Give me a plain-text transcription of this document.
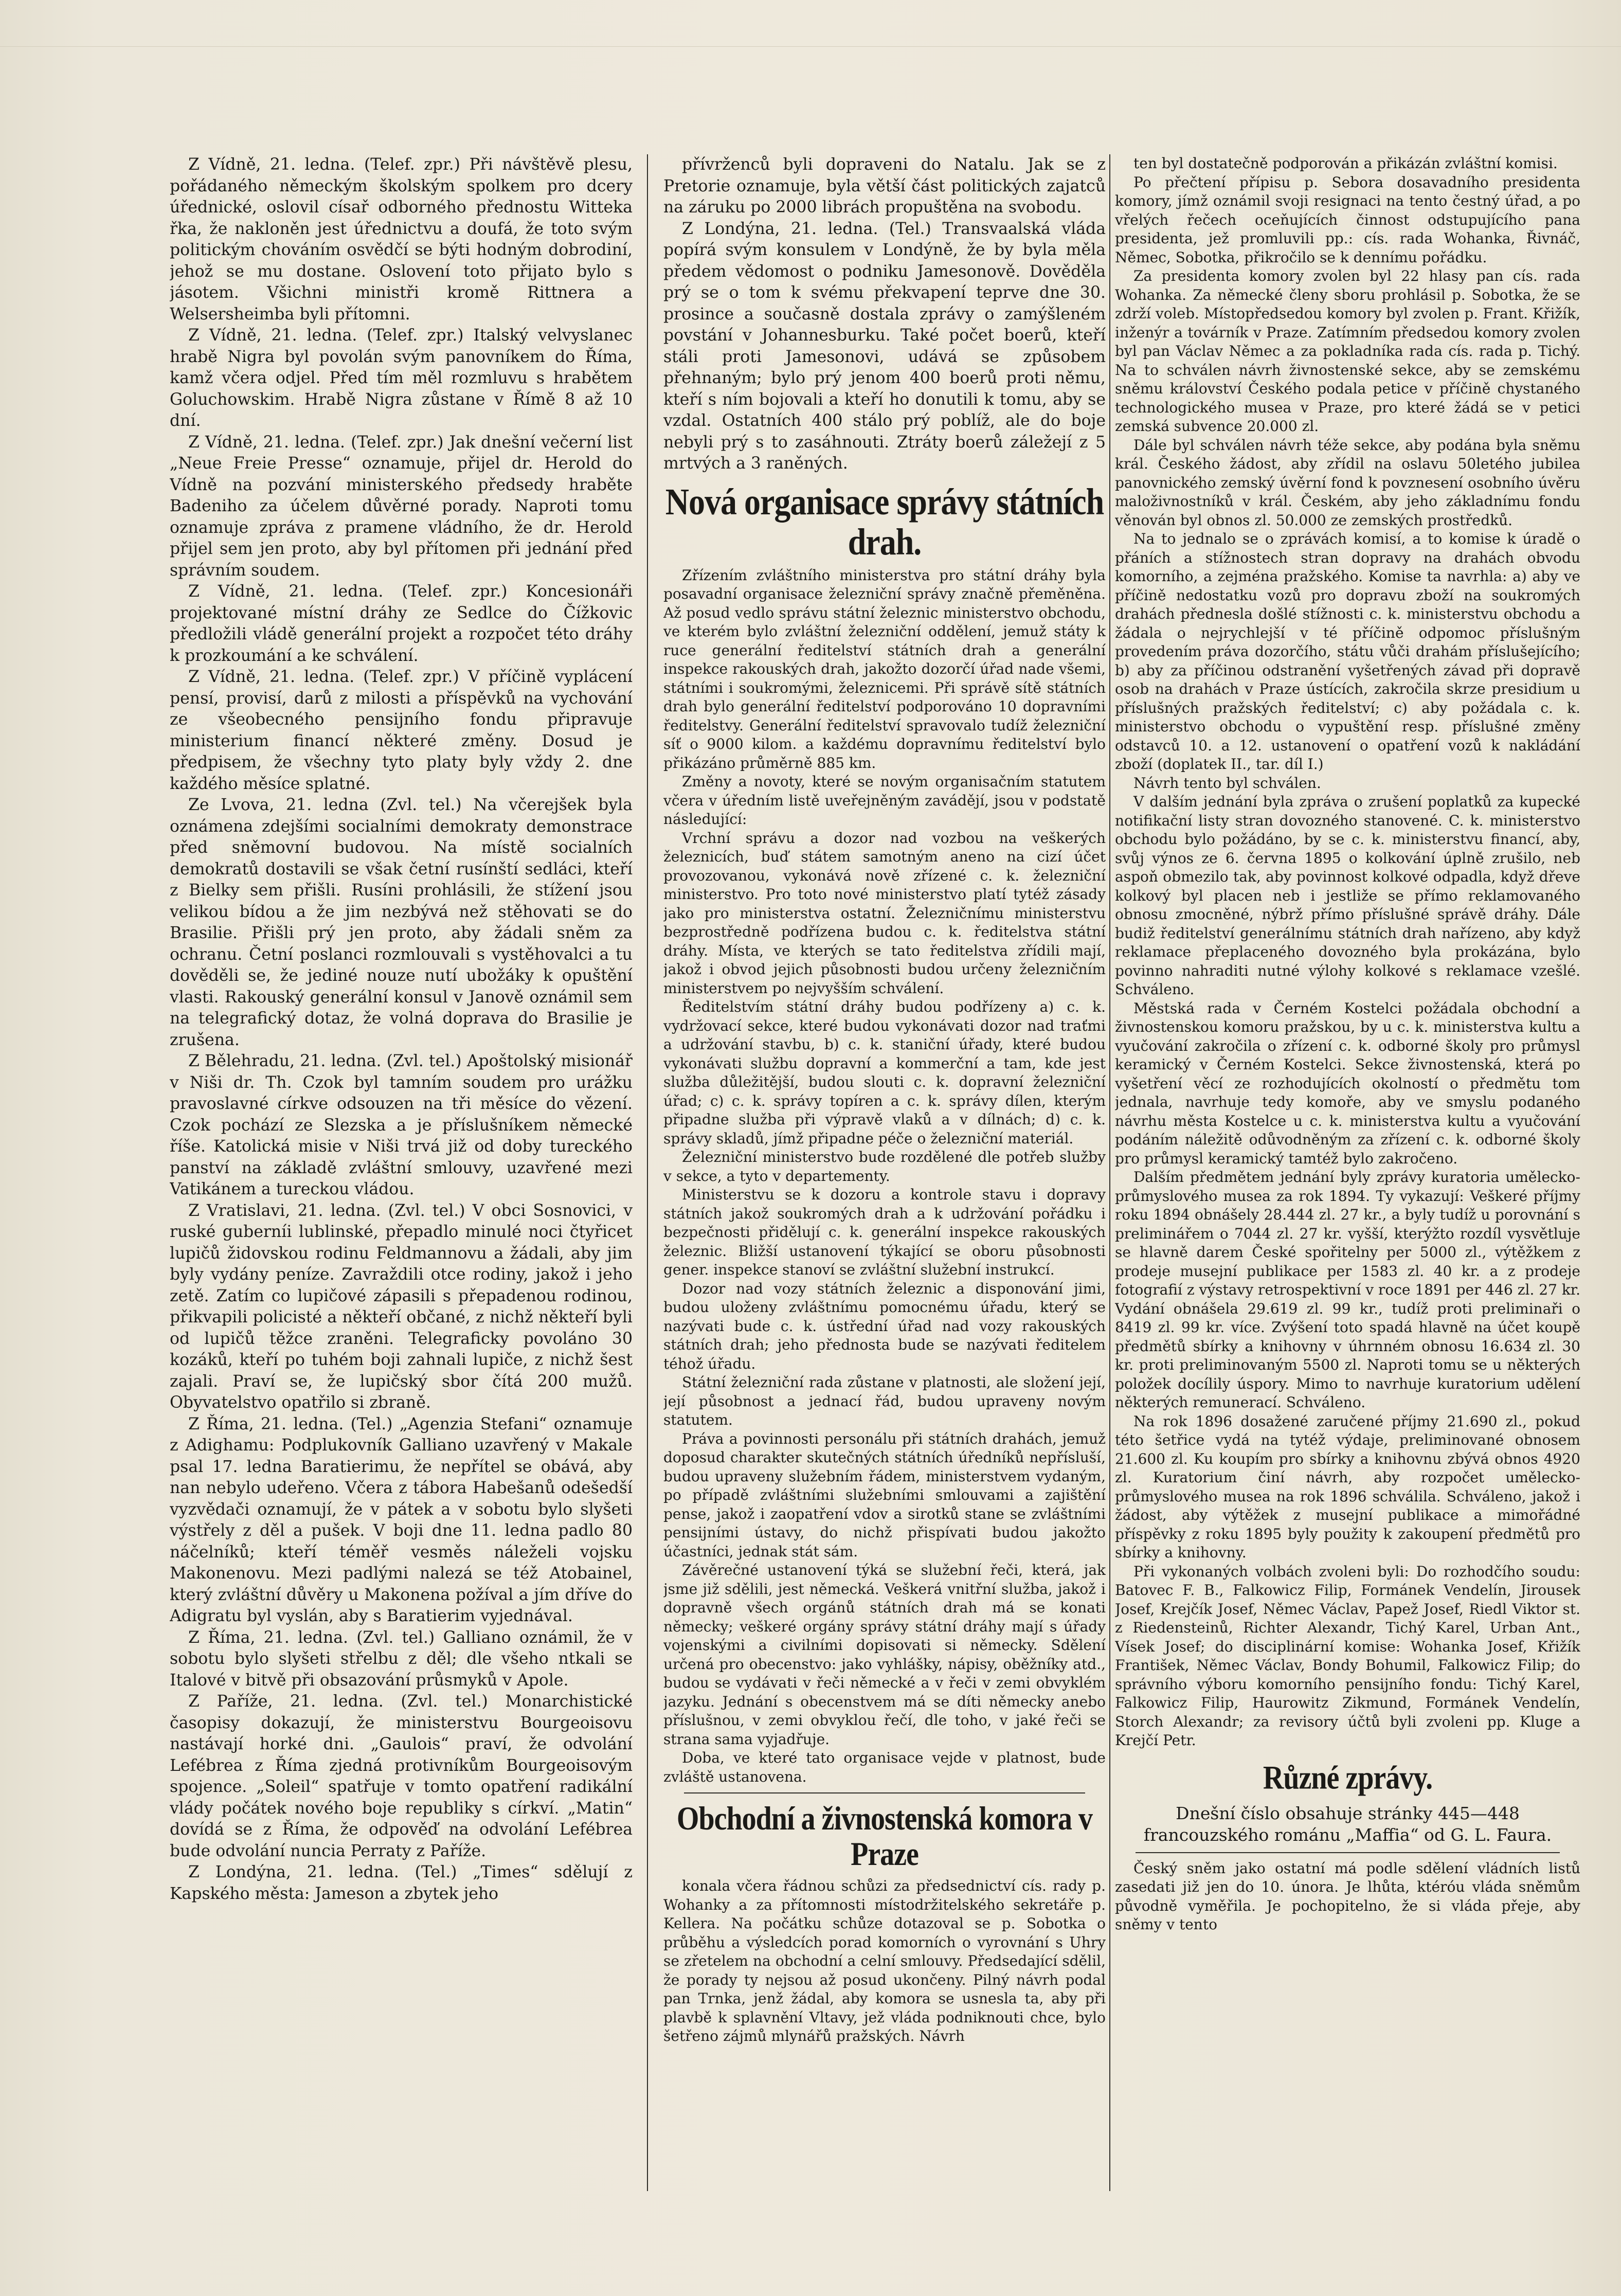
Z Vídně, 21. ledna. (Telef. zpr.) Při návštěvě plesu, pořádaného německým školským spolkem pro dcery úřednické, oslovil císař odborného přednostu Witteka řka, že nakloněn jest úřednictvu a doufá, že toto svým politickým chováním osvědčí se býti hodným dobrodiní, jehož se mu dostane. Oslovení toto přijato bylo s jásotem. Všichni ministři kromě Rittnera a Welsersheimba byli přítomni.

Z Vídně, 21. ledna. (Telef. zpr.) Italský velvyslanec hrabě Nigra byl povolán svým panovníkem do Říma, kamž včera odjel. Před tím měl rozmluvu s hrabětem Goluchowskim. Hrabě Nigra zůstane v Římě 8 až 10 dní.

Z Vídně, 21. ledna. (Telef. zpr.) Jak dnešní večerní list „Neue Freie Presse“ oznamuje, přijel dr. Herold do Vídně na pozvání ministerského předsedy hraběte Badeniho za účelem důvěrné porady. Naproti tomu oznamuje zpráva z pramene vládního, že dr. Herold přijel sem jen proto, aby byl přítomen při jednání před správním soudem.

Z Vídně, 21. ledna. (Telef. zpr.) Koncesionáři projektované místní dráhy ze Sedlce do Čížkovic předložili vládě generální projekt a rozpočet této dráhy k prozkoumání a ke schválení.

Z Vídně, 21. ledna. (Telef. zpr.) V příčině vyplácení pensí, provisí, darů z milosti a příspěvků na vychování ze všeobecného pensijního fondu připravuje ministerium financí některé změny. Dosud je předpisem, že všechny tyto platy byly vždy 2. dne každého měsíce splatné.

Ze Lvova, 21. ledna (Zvl. tel.) Na včerejšek byla oznámena zdejšími socialními demokraty demonstrace před sněmovní budovou. Na místě socialních demokratů dostavili se však četní rusínští sedláci, kteří z Bielky sem přišli. Rusíni prohlásili, že stížení jsou velikou bídou a že jim nezbývá než stěhovati se do Brasilie. Přišli prý jen proto, aby žádali sněm za ochranu. Četní poslanci rozmlouvali s vystěhovalci a tu dověděli se, že jediné nouze nutí ubožáky k opuštění vlasti. Rakouský generální konsul v Janově oznámil sem na telegrafický dotaz, že volná doprava do Brasilie je zrušena.

Z Bělehradu, 21. ledna. (Zvl. tel.) Apoštolský misionář v Niši dr. Th. Czok byl tamním soudem pro urážku pravoslavné církve odsouzen na tři měsíce do vězení. Czok pochází ze Slezska a je příslušníkem německé říše. Katolická misie v Niši trvá již od doby tureckého panství na základě zvláštní smlouvy, uzavřené mezi Vatikánem a tureckou vládou.

Z Vratislavi, 21. ledna. (Zvl. tel.) V obci Sosnovici, v ruské guberníi lublinské, přepadlo minulé noci čtyřicet lupičů židovskou rodinu Feldmannovu a žádali, aby jim byly vydány peníze. Zavraždili otce rodiny, jakož i jeho zetě. Zatím co lupičové zápasili s přepadenou rodinou, přikvapili policisté a někteří občané, z nichž někteří byli od lupičů těžce zraněni. Telegraficky povoláno 30 kozáků, kteří po tuhém boji zahnali lupiče, z nichž šest zajali. Praví se, že lupičský sbor čítá 200 mužů. Obyvatelstvo opatřilo si zbraně.

Z Říma, 21. ledna. (Tel.) „Agenzia Stefani“ oznamuje z Adighamu: Podplukovník Galliano uzavřený v Makale psal 17. ledna Baratierimu, že nepřítel se obává, aby nan nebylo udeřeno. Včera z tábora Habešanů odešedší vyzvědači oznamují, že v pátek a v sobotu bylo slyšeti výstřely z děl a pušek. V boji dne 11. ledna padlo 80 náčelníků; kteří téměř vesměs náleželi vojsku Makonenovu. Mezi padlými nalezá se též Atobainel, který zvláštní důvěry u Makonena požíval a jím dříve do Adigratu byl vyslán, aby s Baratierim vyjednával.

Z Říma, 21. ledna. (Zvl. tel.) Galliano oznámil, že v sobotu bylo slyšeti střelbu z děl; dle všeho ntkali se Italové v bitvě při obsazování průsmyků v Apole.

Z Paříže, 21. ledna. (Zvl. tel.) Monarchistické časopisy dokazují, že ministerstvu Bourgeoisovu nastávají horké dni. „Gaulois“ praví, že odvolání Lefébrea z Říma zjedná protivníkům Bourgeoisovým spojence. „Soleil“ spatřuje v tomto opatření radikální vlády počátek nového boje republiky s církví. „Matin“ dovídá se z Říma, že odpověď na odvolání Lefébrea bude odvolání nuncia Perraty z Paříže.

Z Londýna, 21. ledna. (Tel.) „Times“ sdělují z Kapského města: Jameson a zbytek jeho

přívrženců byli dopraveni do Natalu. Jak se z Pretorie oznamuje, byla větší část politických zajatců na záruku po 2000 librách propuštěna na svobodu.

Z Londýna, 21. ledna. (Tel.) Transvaalská vláda popírá svým konsulem v Londýně, že by byla měla předem vědomost o podniku Jamesonově. Dověděla prý se o tom k svému překvapení teprve dne 30. prosince a současně dostala zprávy o zamýšleném povstání v Johannesburku. Také počet boerů, kteří stáli proti Jamesonovi, udává se způsobem přehnaným; bylo prý jenom 400 boerů proti němu, kteří s ním bojovali a kteří ho donutili k tomu, aby se vzdal. Ostatních 400 stálo prý poblíž, ale do boje nebyli prý s to zasáhnouti. Ztráty boerů záležejí z 5 mrtvých a 3 raněných.

Nová organisace správy státních drah.

Zřízením zvláštního ministerstva pro státní dráhy byla posavadní organisace železniční správy značně přeměněna. Až posud vedlo správu státní železnic ministerstvo obchodu, ve kterém bylo zvláštní železniční oddělení, jemuž státy k ruce generální ředitelství státních drah a generální inspekce rakouských drah, jakožto dozorčí úřad nade všemi, státními i soukromými, železnicemi. Při správě sítě státních drah bylo generální ředitelství podporováno 10 dopravními ředitelstvy. Generální ředitelství spravovalo tudíž železniční síť o 9000 kilom. a každému dopravnímu ředitelství bylo přikázáno průměrně 885 km.

Změny a novoty, které se novým organisačním statutem včera v úředním listě uveřejněným zavádějí, jsou v podstatě následující:

Vrchní správu a dozor nad vozbou na veškerých železnicích, buď státem samotným aneno na cizí účet provozovanou, vykonává nově zřízené c. k. železniční ministerstvo. Pro toto nové ministerstvo platí tytéž zásady jako pro ministerstva ostatní. Železničnímu ministerstvu bezprostředně podřízena budou c. k. ředitelstva státní dráhy. Místa, ve kterých se tato ředitelstva zřídili mají, jakož i obvod jejich působnosti budou určeny železničním ministerstvem po nejvyšším schválení.

Ředitelstvím státní dráhy budou podřízeny a) c. k. vydržovací sekce, které budou vykonávati dozor nad traťmi a udržování stavbu, b) c. k. staniční úřady, které budou vykonávati službu dopravní a kommerční a tam, kde jest služba důležitější, budou slouti c. k. dopravní železniční úřad; c) c. k. správy topíren a c. k. správy dílen, kterým připadne služba při výpravě vlaků a v dílnách; d) c. k. správy skladů, jímž připadne péče o železniční materiál.

Železniční ministerstvo bude rozdělené dle potřeb služby v sekce, a tyto v departementy.

Ministerstvu se k dozoru a kontrole stavu i dopravy státních jakož soukromých drah a k udržování pořádku i bezpečnosti přidělují c. k. generální inspekce rakouských železnic. Bližší ustanovení týkající se oboru působnosti gener. inspekce stanoví se zvláštní služební instrukcí.

Dozor nad vozy státních železnic a disponování jimi, budou uloženy zvláštnímu pomocnému úřadu, který se nazývati bude c. k. ústřední úřad nad vozy rakouských státních drah; jeho přednosta bude se nazývati ředitelem téhož úřadu.

Státní železniční rada zůstane v platnosti, ale složení její, její působnost a jednací řád, budou upraveny novým statutem.

Práva a povinnosti personálu při státních drahách, jemuž doposud charakter skutečných státních úředníků nepřísluší, budou upraveny služebním řádem, ministerstvem vydaným, po případě zvláštními služebními smlouvami a zajištění pense, jakož i zaopatření vdov a sirotků stane se zvláštními pensijními ústavy, do nichž přispívati budou jakožto účastníci, jednak stát sám.

Závěrečné ustanovení týká se služební řeči, která, jak jsme již sdělili, jest německá. Veškerá vnitřní služba, jakož i dopravně všech orgánů státních drah má se konati německy; veškeré orgány správy státní dráhy mají s úřady vojenskými a civilními dopisovati si německy. Sdělení určená pro obecenstvo: jako vyhlášky, nápisy, oběžníky atd., budou se vydávati v řeči německé a v řeči v zemi obvyklém jazyku. Jednání s obecenstvem má se díti německy anebo příslušnou, v zemi obvyklou řečí, dle toho, v jaké řeči se strana sama vyjadřuje.

Doba, ve které tato organisace vejde v platnost, bude zvláště ustanovena.

Obchodní a živnostenská komora v Praze

konala včera řádnou schůzi za předsednictví cís. rady p. Wohanky a za přítomnosti místodržitelského sekretáře p. Kellera. Na počátku schůze dotazoval se p. Sobotka o průběhu a výsledcích porad komorních o vyrovnání s Uhry se zřetelem na obchodní a celní smlouvy. Předsedající sdělil, že porady ty nejsou až posud ukončeny. Pilný návrh podal pan Trnka, jenž žádal, aby komora se usnesla ta, aby při plavbě k splavnění Vltavy, jež vláda podniknouti chce, bylo šetřeno zájmů mlynářů pražských. Návrh

ten byl dostatečně podporován a přikázán zvláštní komisi.

Po přečtení přípisu p. Sebora dosavadního presidenta komory, jímž oznámil svoji resignaci na tento čestný úřad, a po vřelých řečech oceňujících činnost odstupujícího pana presidenta, jež promluvili pp.: cís. rada Wohanka, Řivnáč, Němec, Sobotka, přikročilo se k dennímu pořádku.

Za presidenta komory zvolen byl 22 hlasy pan cís. rada Wohanka. Za německé členy sboru prohlásil p. Sobotka, že se zdrží voleb. Místopředsedou komory byl zvolen p. Frant. Křižík, inženýr a továrník v Praze. Zatímním předsedou komory zvolen byl pan Václav Němec a za pokladníka rada cís. rada p. Tichý. Na to schválen návrh živnostenské sekce, aby se zemskému sněmu království Českého podala petice v příčině chystaného technologického musea v Praze, pro které žádá se v petici zemská subvence 20.000 zl.

Dále byl schválen návrh téže sekce, aby podána byla sněmu král. Českého žádost, aby zřídil na oslavu 50letého jubilea panovnického zemský úvěrní fond k povznesení osobního úvěru maloživnostníků v král. Českém, aby jeho základnímu fondu věnován byl obnos zl. 50.000 ze zemských prostředků.

Na to jednalo se o zprávách komisí, a to komise k úradě o přáních a stížnostech stran dopravy na drahách obvodu komorního, a zejména pražského. Komise ta navrhla: a) aby ve příčině nedostatku vozů pro dopravu zboží na soukromých drahách přednesla došlé stížnosti c. k. ministerstvu obchodu a žádala o nejrychlejší v té příčině odpomoc příslušným provedením práva dozorčího, státu vůči drahám příslušejícího; b) aby za příčinou odstranění vyšetřených závad při dopravě osob na drahách v Praze ústících, zakročila skrze presidium u příslušných pražských ředitelství; c) aby požádala c. k. ministerstvo obchodu o vypuštění resp. příslušné změny odstavců 10. a 12. ustanovení o opatření vozů k nakládání zboží (doplatek II., tar. díl I.)

Návrh tento byl schválen.

V dalším jednání byla zpráva o zrušení poplatků za kupecké notifikační listy stran dovozného stanovené. C. k. ministerstvo obchodu bylo požádáno, by se c. k. ministerstvu financí, aby, svůj výnos ze 6. června 1895 o kolkování úplně zrušilo, neb aspoň obmezilo tak, aby povinnost kolkové odpadla, když dřeve kolkový byl placen neb i jestliže se přímo reklamovaného obnosu zmocněné, nýbrž přímo příslušné správě dráhy. Dále budiž ředitelství generálnímu státních drah nařízeno, aby když reklamace přeplaceného dovozného byla prokázána, bylo povinno nahraditi nutné výlohy kolkové s reklamace vzešlé. Schváleno.

Městská rada v Černém Kostelci požádala obchodní a živnostenskou komoru pražskou, by u c. k. ministerstva kultu a vyučování zakročila o zřízení c. k. odborné školy pro průmysl keramický v Černém Kostelci. Sekce živnostenská, která po vyšetření věcí ze rozhodujících okolností o předmětu tom jednala, navrhuje tedy komoře, aby ve smyslu podaného návrhu města Kostelce u c. k. ministerstva kultu a vyučování podáním náležitě odůvodněným za zřízení c. k. odborné školy pro průmysl keramický tamtéž bylo zakročeno.

Dalším předmětem jednání byly zprávy kuratoria umělecko-průmyslového musea za rok 1894. Ty vykazují: Veškeré příjmy roku 1894 obnášely 28.444 zl. 27 kr., a byly tudíž u porovnání s preliminářem o 7044 zl. 27 kr. vyšší, kterýžto rozdíl vysvětluje se hlavně darem České spořitelny per 5000 zl., výtěžkem z prodeje musejní publikace per 1583 zl. 40 kr. a z prodeje fotografií z výstavy retrospektivní v roce 1891 per 446 zl. 27 kr. Vydání obnášela 29.619 zl. 99 kr., tudíž proti preliminaři o 8419 zl. 99 kr. více. Zvýšení toto spadá hlavně na účet koupě předmětů sbírky a knihovny v úhrnném obnosu 16.634 zl. 30 kr. proti preliminovaným 5500 zl. Naproti tomu se u některých položek docílily úspory. Mimo to navrhuje kuratorium udělení některých remunerací. Schváleno.

Na rok 1896 dosažené zaručené příjmy 21.690 zl., pokud této šetřice vydá na tytéž výdaje, preliminované obnosem 21.600 zl. Ku koupím pro sbírky a knihovnu zbývá obnos 4920 zl. Kuratorium činí návrh, aby rozpočet umělecko-průmyslového musea na rok 1896 schválila. Schváleno, jakož i žádost, aby výtěžek z musejní publikace a mimořádné příspěvky z roku 1895 byly použity k zakoupení předmětů pro sbírky a knihovny.

Při vykonaných volbách zvoleni byli: Do rozhodčího soudu: Batovec F. B., Falkowicz Filip, Formánek Vendelín, Jirousek Josef, Krejčík Josef, Němec Václav, Papež Josef, Riedl Viktor st. z Riedensteinů, Richter Alexandr, Tichý Karel, Urban Ant., Vísek Josef; do disciplinární komise: Wohanka Josef, Křižík František, Němec Václav, Bondy Bohumil, Falkowicz Filip; do správního výboru komorního pensijního fondu: Tichý Karel, Falkowicz Filip, Haurowitz Zikmund, Formánek Vendelín, Storch Alexandr; za revisory účtů byli zvoleni pp. Kluge a Krejčí Petr.

Různé zprávy.

Dnešní číslo obsahuje stránky 445—448 francouzského románu „Maffia“ od G. L. Faura.

Český sněm jako ostatní má podle sdělení vládních listů zasedati již jen do 10. února. Je lhůta, ktéróu vláda sněmům původně vyměřila. Je pochopitelno, že si vláda přeje, aby sněmy v tento
